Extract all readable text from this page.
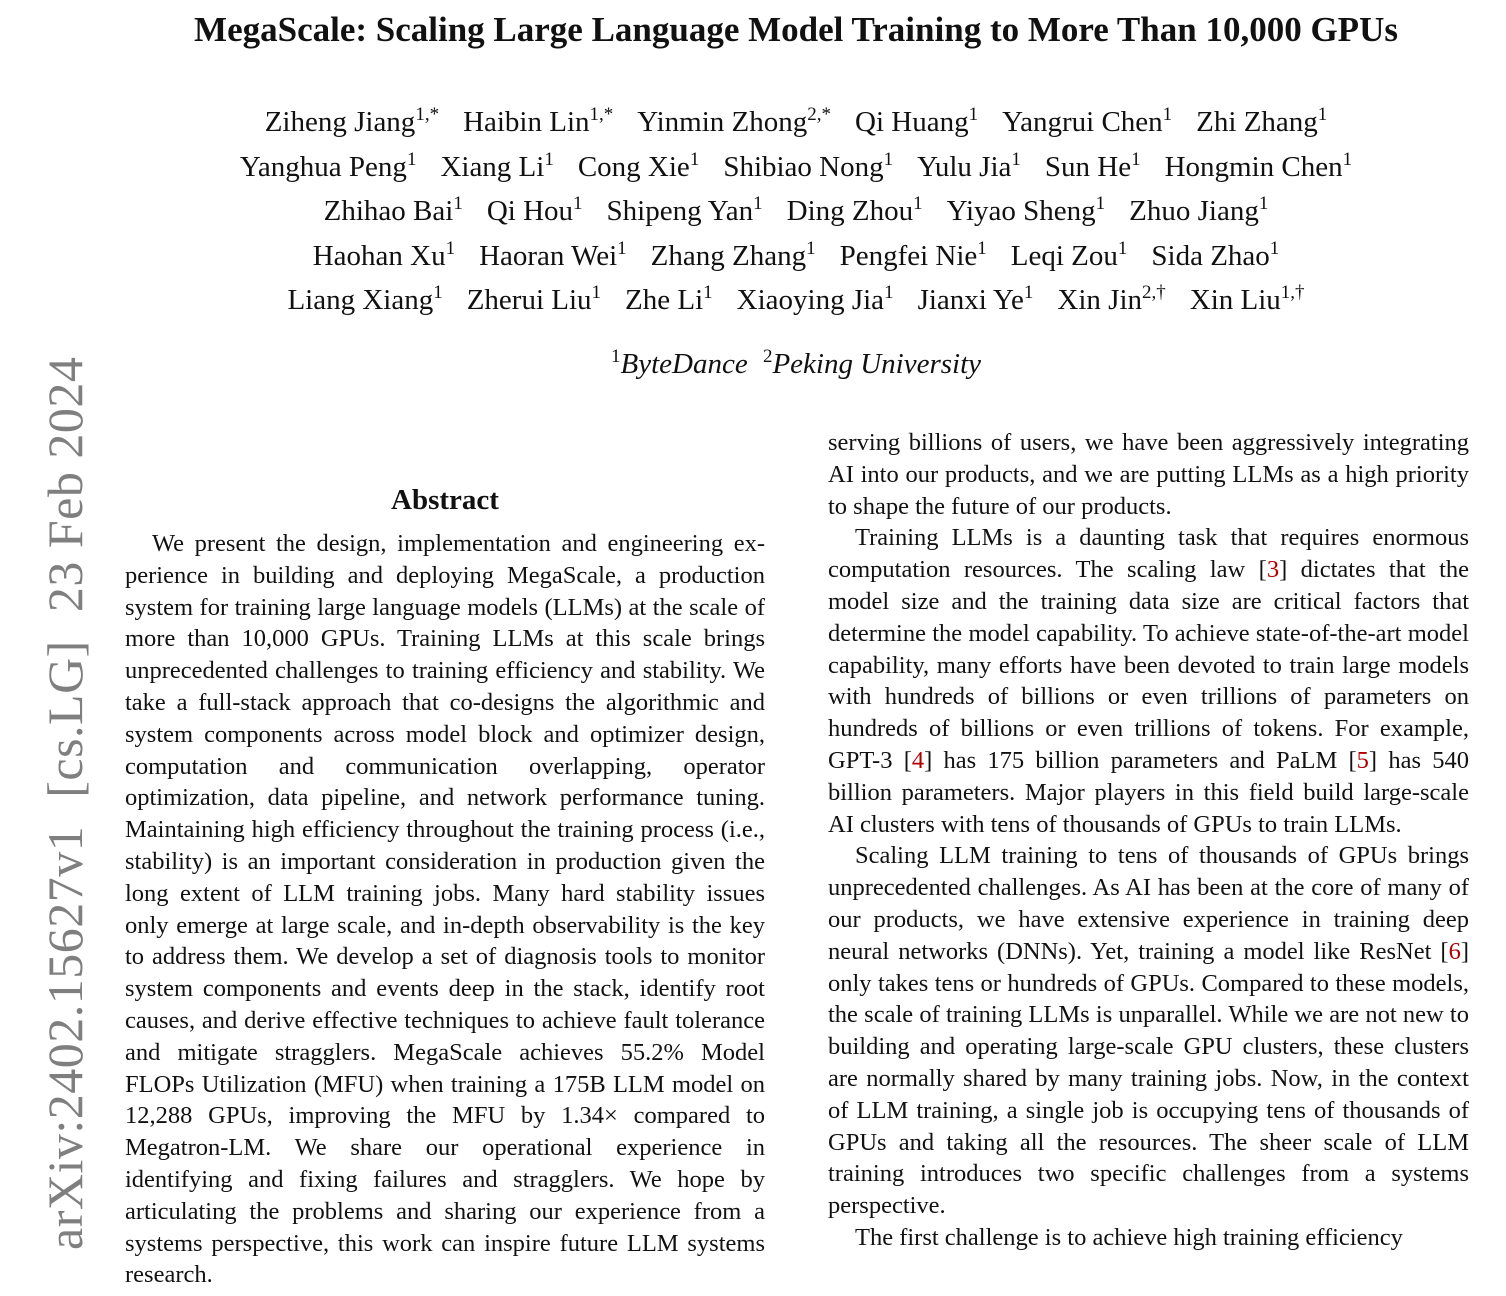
arXiv:2402.15627v1[cs.LG]23 Feb 2024
MegaScale: Scaling Large Language Model Training to More Than 10,000 GPUs
Ziheng Jiang$^{1,*}$ Haibin Lin$^{1,*}$ Yinmin Zhong$^{2,*}$ Qi Huang$^1$ Yangrui Chen$^1$ Zhi Zhang$^1$
Yanghua Peng$^1$ Xiang Li$^1$ Cong Xie$^1$ Shibiao Nong$^1$ Yulu Jia$^1$ Sun He$^1$ Hongmin Chen$^1$
Zhihao Bai$^1$ Qi Hou$^1$ Shipeng Yan$^1$ Ding Zhou$^1$ Yiyao Sheng$^1$ Zhuo Jiang$^1$
Haohan Xu$^1$ Haoran Wei$^1$ Zhang Zhang$^1$ Pengfei Nie$^1$ Leqi Zou$^1$ Sida Zhao$^1$
Liang Xiang$^1$ Zherui Liu$^1$ Zhe Li$^1$ Xiaoying Jia$^1$ Jianxi Ye$^1$ Xin Jin$^{2,\dagger}$ Xin Liu$^{1,\dagger}$
$^1$ByteDance $^2$Peking University
Abstract

We present the design, implementation and engineering experience in building and deploying MegaScale, a production system for training large language models (LLMs) at the scale of more than 10,000 GPUs. Training LLMs at this scale brings unprecedented challenges to training efficiency and stability. We take a full-stack approach that co-designs the algorithmic and system components across model block and optimizer design, computation and communication overlapping, operator optimization, data pipeline, and network performance tuning. Maintaining high efficiency throughout the training process (i.e., stability) is an important consideration in production given the long extent of LLM training jobs. Many hard stability issues only emerge at large scale, and in-depth observability is the key to address them. We develop a set of diagnosis tools to monitor system components and events deep in the stack, identify root causes, and derive effective techniques to achieve fault tolerance and mitigate stragglers. MegaScale achieves 55.2% Model FLOPs Utilization (MFU) when training a 175B LLM model on 12,288 GPUs, improving the MFU by 1.34× compared to Megatron-LM. We share our operational experience in identifying and fixing failures and stragglers. We hope by articulating the problems and sharing our experience from a systems perspective, this work can inspire future LLM systems research.

serving billions of users, we have been aggressively integrating AI into our products, and we are putting LLMs as a high priority to shape the future of our products.

Training LLMs is a daunting task that requires enormous computation resources. The scaling law [3] dictates that the model size and the training data size are critical factors that determine the model capability. To achieve state-of-the-art model capability, many efforts have been devoted to train large models with hundreds of billions or even trillions of parameters on hundreds of billions or even trillions of tokens. For example, GPT-3 [4] has 175 billion parameters and PaLM [5] has 540 billion parameters. Major players in this field build large-scale AI clusters with tens of thousands of GPUs to train LLMs.

Scaling LLM training to tens of thousands of GPUs brings unprecedented challenges. As AI has been at the core of many of our products, we have extensive experience in training deep neural networks (DNNs). Yet, training a model like ResNet [6] only takes tens or hundreds of GPUs. Compared to these models, the scale of training LLMs is unparallel. While we are not new to building and operating large-scale GPU clusters, these clusters are normally shared by many training jobs. Now, in the context of LLM training, a single job is occupying tens of thousands of GPUs and taking all the resources. The sheer scale of LLM training introduces two specific challenges from a systems perspective.

The first challenge is to achieve high training efficiency
